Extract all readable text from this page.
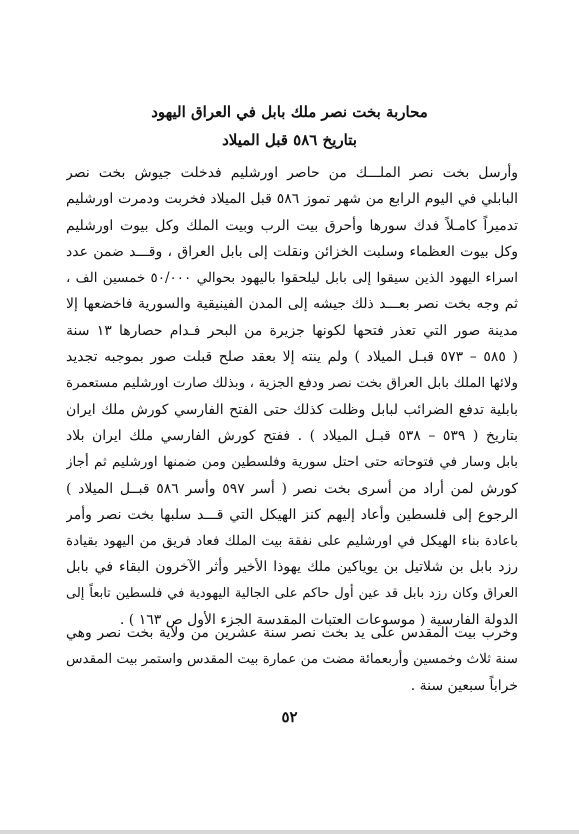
محاربة بخت نصر ملك بابل في العراق اليهود
بتاريخ ٥٨٦ قبل الميلاد
وأرسل بخت نصر الملـــك من حاصر اورشليم فدخلت جيوش بخت نصر
البابلي في اليوم الرابع من شهر تموز ٥٨٦ قبل الميلاد فخربت ودمرت اورشليم
تدميراً كامـلاً فدك سورها وأحرق بيت الرب وبيت الملك وكل بيوت اورشليم
وكل بيوت العظماء وسلبت الخزائن ونقلت إلى بابل العراق ، وقـــد ضمن عدد
اسراء اليهود الذين سيقوا إلى بابل ليلحقوا باليهود بحوالي ٥٠/٠٠٠ خمسين الف ،
ثم وجه بخت نصر بعـــد ذلك جيشه إلى المدن الفينيقية والسورية فاخضعها إلا
مدينة صور التي تعذر فتحها لكونها جزيرة من البحر فـدام حصارها ١٣ سنة
( ٥٨٥ – ٥٧٣ قبـل الميلاد ) ولم ينته إلا بعقد صلح قبلت صور بموجبه تجديد
ولائها الملك بابل العراق بخت نصر ودفع الجزية ، وبذلك صارت اورشليم مستعمرة
بابلية تدفع الضرائب لبابل وظلت كذلك حتى الفتح الفارسي كورش ملك ايران
بتاريخ ( ٥٣٩ – ٥٣٨ قبـل الميلاد ) . ففتح كورش الفارسي ملك ايران بلاد
بابل وسار في فتوحاته حتى احتل سورية وفلسطين ومن ضمنها اورشليم ثم أجاز
كورش لمن أراد من أسرى بخت نصر ( أسر ٥٩٧ وأسر ٥٨٦ قبــل الميلاد )
الرجوع إلى فلسطين وأعاد إليهم كنز الهيكل التي قـــد سلبها بخت نصر وأمر
باعادة بناء الهيكل في اورشليم على نفقة بيت الملك فعاد فريق من اليهود بقيادة
رزد بابل بن شلاتيل بن يوياكين ملك يهوذا الأخير وأثر الآخرون البقاء في بابل
العراق وكان رزد بابل قد عين أول حاكم على الجالية اليهودية في فلسطين تابعاً إلى
الدولة الفارسية ( موسوعات العتبات المقدسة الجزء الأول ص ١٦٣ ) .
وخرب بيت المقدس على يد بخت نصر سنة عشرين من ولاية بخت نصر وهي
سنة ثلاث وخمسين وأربعمائة مضت من عمارة بيت المقدس واستمر بيت المقدس
خراباً سبعين سنة .
٥٢
